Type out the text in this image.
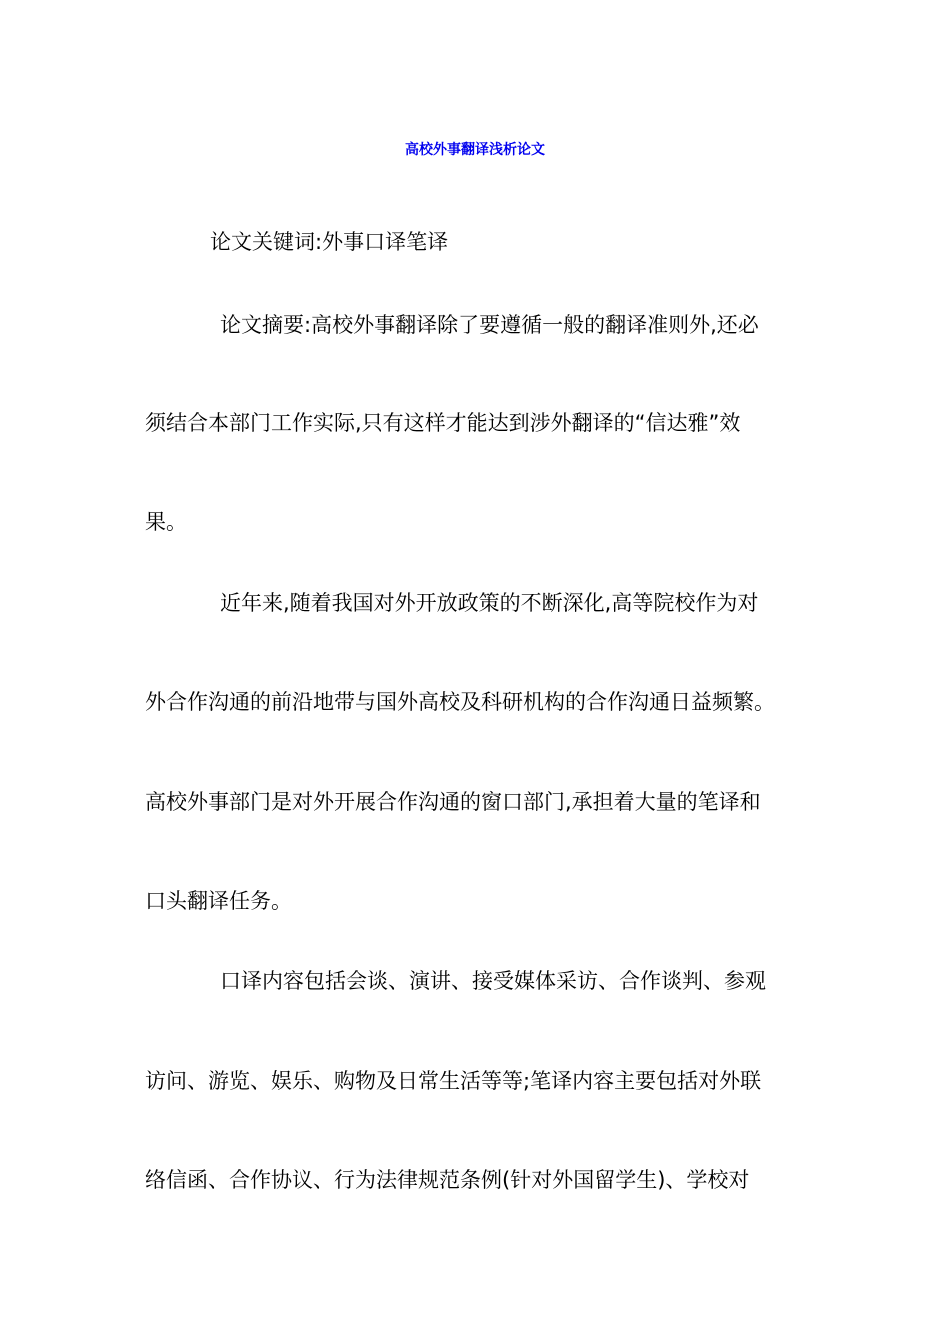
高校外事翻译浅析论文
论文关键词:外事口译笔译
论文摘要:高校外事翻译除了要遵循一般的翻译准则外,还必
须结合本部门工作实际,只有这样才能达到涉外翻译的“信达雅”效
果。
近年来,随着我国对外开放政策的不断深化,高等院校作为对
外合作沟通的前沿地带与国外高校及科研机构的合作沟通日益频繁。
高校外事部门是对外开展合作沟通的窗口部门,承担着大量的笔译和
口头翻译任务。
口译内容包括会谈、演讲、接受媒体采访、合作谈判、参观
访问、游览、娱乐、购物及日常生活等等;笔译内容主要包括对外联
络信函、合作协议、行为法律规范条例(针对外国留学生)、学校对
